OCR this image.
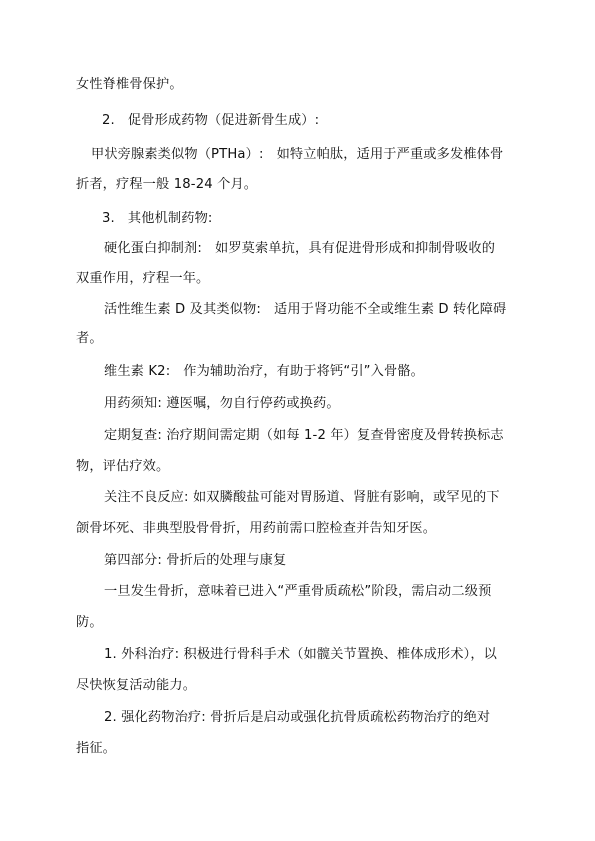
女性脊椎骨保护。

2.   促骨形成药物（促进新骨生成）:

甲状旁腺素类似物（PTHa）:   如特立帕肽，适用于严重或多发椎体骨

折者，疗程一般 18-24 个月。

3.   其他机制药物:

硬化蛋白抑制剂:   如罗莫索单抗，具有促进骨形成和抑制骨吸收的

双重作用，疗程一年。

活性维生素 D 及其类似物:   适用于肾功能不全或维生素 D 转化障碍

者。

维生素 K2:   作为辅助治疗，有助于将钙“引”入骨骼。

用药须知: 遵医嘱，勿自行停药或换药。

定期复查: 治疗期间需定期（如每 1-2 年）复查骨密度及骨转换标志

物，评估疗效。

关注不良反应: 如双膦酸盐可能对胃肠道、肾脏有影响，或罕见的下

颌骨坏死、非典型股骨骨折，用药前需口腔检查并告知牙医。

第四部分: 骨折后的处理与康复

一旦发生骨折，意味着已进入“严重骨质疏松”阶段，需启动二级预

防。

1. 外科治疗: 积极进行骨科手术（如髋关节置换、椎体成形术），以

尽快恢复活动能力。

2. 强化药物治疗: 骨折后是启动或强化抗骨质疏松药物治疗的绝对

指征。
